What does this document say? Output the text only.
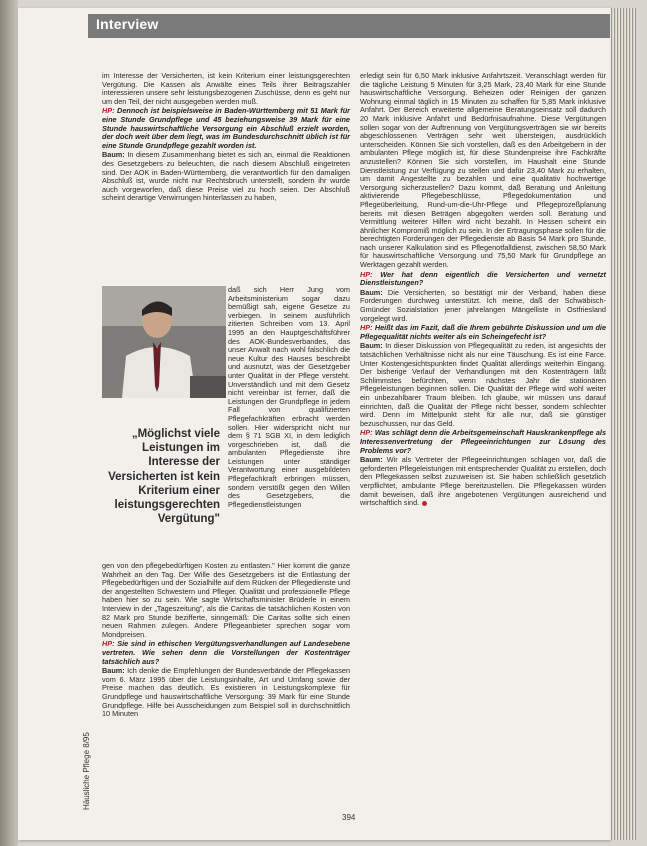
Interview
Häusliche Pflege 8/95

im Interesse der Versicherten, ist kein Kriterium einer leistungsgerechten Vergütung. Die Kassen als Anwälte eines Teils ihrer Beitragszahler interessieren unsere sehr leistungsbezogenen Zuschüsse, denn es geht nur um den Teil, der nicht ausgegeben werden muß.

HP: Dennoch ist beispielsweise in Baden-Württemberg mit 51 Mark für eine Stunde Grundpflege und 45 beziehungsweise 39 Mark für eine Stunde hauswirtschaftliche Versorgung ein Abschluß erzielt worden, der doch weit über dem liegt, was im Bundesdurchschnitt üblich ist für eine Stunde Grundpflege gezahlt worden ist.

Baum: In diesem Zusammenhang bietet es sich an, einmal die Reaktionen des Gesetzgebers zu beleuchten, die nach diesem Abschluß eingetreten sind. Der AOK in Baden-Württemberg, die verantwortlich für den damaligen Abschluß ist, wurde nicht nur Rechtsbruch unterstellt, sondern ihr wurde auch vorgeworfen, daß diese Preise viel zu hoch seien. Der Abschluß scheint derartige Verwirrungen hinterlassen zu haben,

daß sich Herr Jung vom Arbeitsministerium sogar dazu bemüßigt sah, eigene Gesetze zu verbiegen. In seinem ausführlich zitierten Schreiben vom 13. April 1995 an den Hauptgeschäftsführer des AOK-Bundesverbandes, das unser Anwalt nach wohl falschlich die neue Kultur des Hauses beschreibt und ausnutzt, was der Gesetzgeber unter Qualität in der Pflege versteht. Unverständlich und mit dem Gesetz nicht vereinbar ist ferner, daß die Leistungen der Grundpflege in jedem Fall von qualifizierten Pflegefachkräften erbracht werden sollen. Hier widerspricht nicht nur dem § 71 SGB XI, in dem lediglich vorgeschrieben ist, daß die ambulanten Pflegedienste ihre Leistungen unter ständiger Verantwortung einer ausgebildeten Pflegefachkraft erbringen müssen, sondern verstößt gegen den Willen des Gesetzgebers, die Pflegedienstleistungen
„Möglichst viele Leistungen im Interesse der Versicherten ist kein Kriterium einer leistungsgerechten Vergütung"

gen von den pflegebedürftigen Kosten zu entlasten." Hier kommt die ganze Wahrheit an den Tag. Der Wille des Gesetzgebers ist die Entlastung der Pflegebedürftigen und der Sozialhilfe auf dem Rücken der Pflegedienste und der angestellten Schwestern und Pfleger. Qualität und professionelle Pflege haben hier so zu sein. Wie sagte Wirtschaftsminister Brüderle in einem Interview in der „Tageszeitung", als die Caritas die tatsächlichen Kosten von 82 Mark pro Stunde bezifferte, sinngemäß: Die Caritas sollte sich einen neuen Rahmen zulegen. Andere Pflegeanbieter sprechen sogar vom Mondpreisen.

HP: Sie sind in ethischen Vergütungsverhandlungen auf Landesebene vertreten. Wie sehen denn die Vorstellungen der Kostenträger tatsächlich aus?

Baum: Ich denke die Empfehlungen der Bundesverbände der Pflegekassen vom 6. März 1995 über die Leistungsinhalte, Art und Umfang sowie der Preise machen das deutlich. Es existieren in Leistungskomplexe für Grundpflege und hauswirtschaftliche Versorgung: 39 Mark für eine Stunde Grundpflege. Hilfe bei Ausscheidungen zum Beispiel soll in durchschnittlich 10 Minuten

erledigt sein für 6,50 Mark inklusive Anfahrtszeit. Veranschlagt werden für die tägliche Leistung 5 Minuten für 3,25 Mark, 23,40 Mark für eine Stunde hauswirtschaftliche Versorgung. Beheizen oder Reinigen der ganzen Wohnung einmal täglich in 15 Minuten zu schaffen für 5,85 Mark inklusive Anfahrt. Der Bereich erweiterte allgemeine Beratungseinsatz soll dadurch 20 Mark inklusive Anfahrt und Bedürfnisaufnahme. Diese Vergütungen sollen sogar von der Auftrennung von Vergütungsverträgen sie wir bereits abgeschlossenen Verträgen sehr weit übersteigen, ausdrücklich unterscheiden. Können Sie sich vorstellen, daß es den Arbeitgebern in der ambulanten Pflege möglich ist, für diese Stundenpreise ihre Fachkräfte anzustellen? Können Sie sich vorstellen, im Haushalt eine Stunde Dienstleistung zur Verfügung zu stellen und dafür 23,40 Mark zu erhalten, um damit Angestellte zu bezahlen und eine qualitativ hochwertige Versorgung sicherzustellen? Dazu kommt, daß Beratung und Anleitung aktivierende Pflegebeschlüsse, Pflegedokumentation und Pflegeüberleitung, Rund-um-die-Uhr-Pflege und Pflegeprozeßplanung bereits mit diesen Beträgen abgegolten werden soll. Beratung und Vermittlung weiterer Hilfen wird nicht bezahlt. In Hessen scheint ein ähnlicher Kompromiß möglich zu sein. In der Ertragungsphase sollen für die berechtigten Forderungen der Pflegedienste ab Basis 54 Mark pro Stunde, nach unserer Kalkulation sind es Pflegenotfalldienst, zwischen 58,50 Mark für hauswirtschaftliche Versorgung und 75,50 Mark für Grundpflege an Werktagen gezahlt werden.

HP: Wer hat denn eigentlich die Versicherten und vernetzt Dienstleistungen?

Baum: Die Versicherten, so bestätigt mir der Verband, haben diese Forderungen durchweg unterstützt. Ich meine, daß der Schwäbisch-Gmünder Sozialstation jener jahrelangen Mängelliste in Ostfriesland vorgelegt wird.

HP: Heißt das im Fazit, daß die Ihrem gebührte Diskussion und um die Pflegequalität nichts weiter als ein Scheingefecht ist?

Baum: In dieser Diskussion von Pflegequalität zu reden, ist angesichts der tatsächlichen Verhältnisse nicht als nur eine Täuschung. Es ist eine Farce. Unter Kostengesichtspunkten findet Qualität allerdings weiterhin Eingang. Der bisherige Verlauf der Verhandlungen mit den Kostenträgern läßt Schlimmstes befürchten, wenn nächstes Jahr die stationären Pflegeleistungen beginnen sollen. Die Qualität der Pflege wird wohl weiter ein unbezahlbarer Traum bleiben. Ich glaube, wir müssen uns darauf einrichten, daß die Qualität der Pflege nicht besser, sondern schlechter wird. Denn im Mittelpunkt steht für alle nur, daß sie günstiger bezuschussen, nur das Geld.

HP: Was schlägt denn die Arbeitsgemeinschaft Hauskrankenpflege als Interessenvertretung der Pflegeeinrichtungen zur Lösung des Problems vor?

Baum: Wir als Vertreter der Pflegeeinrichtungen schlagen vor, daß die geforderten Pflegeleistungen mit entsprechender Qualität zu erstellen, doch den Pflegekassen selbst zuzuweisen ist. Sie haben schließlich gesetzlich verpflichtet, ambulante Pflege bereitzustellen. Die Pflegekassen würden damit beweisen, daß ihre angebotenen Vergütungen ausreichend und wirtschaftlich sind.

394
